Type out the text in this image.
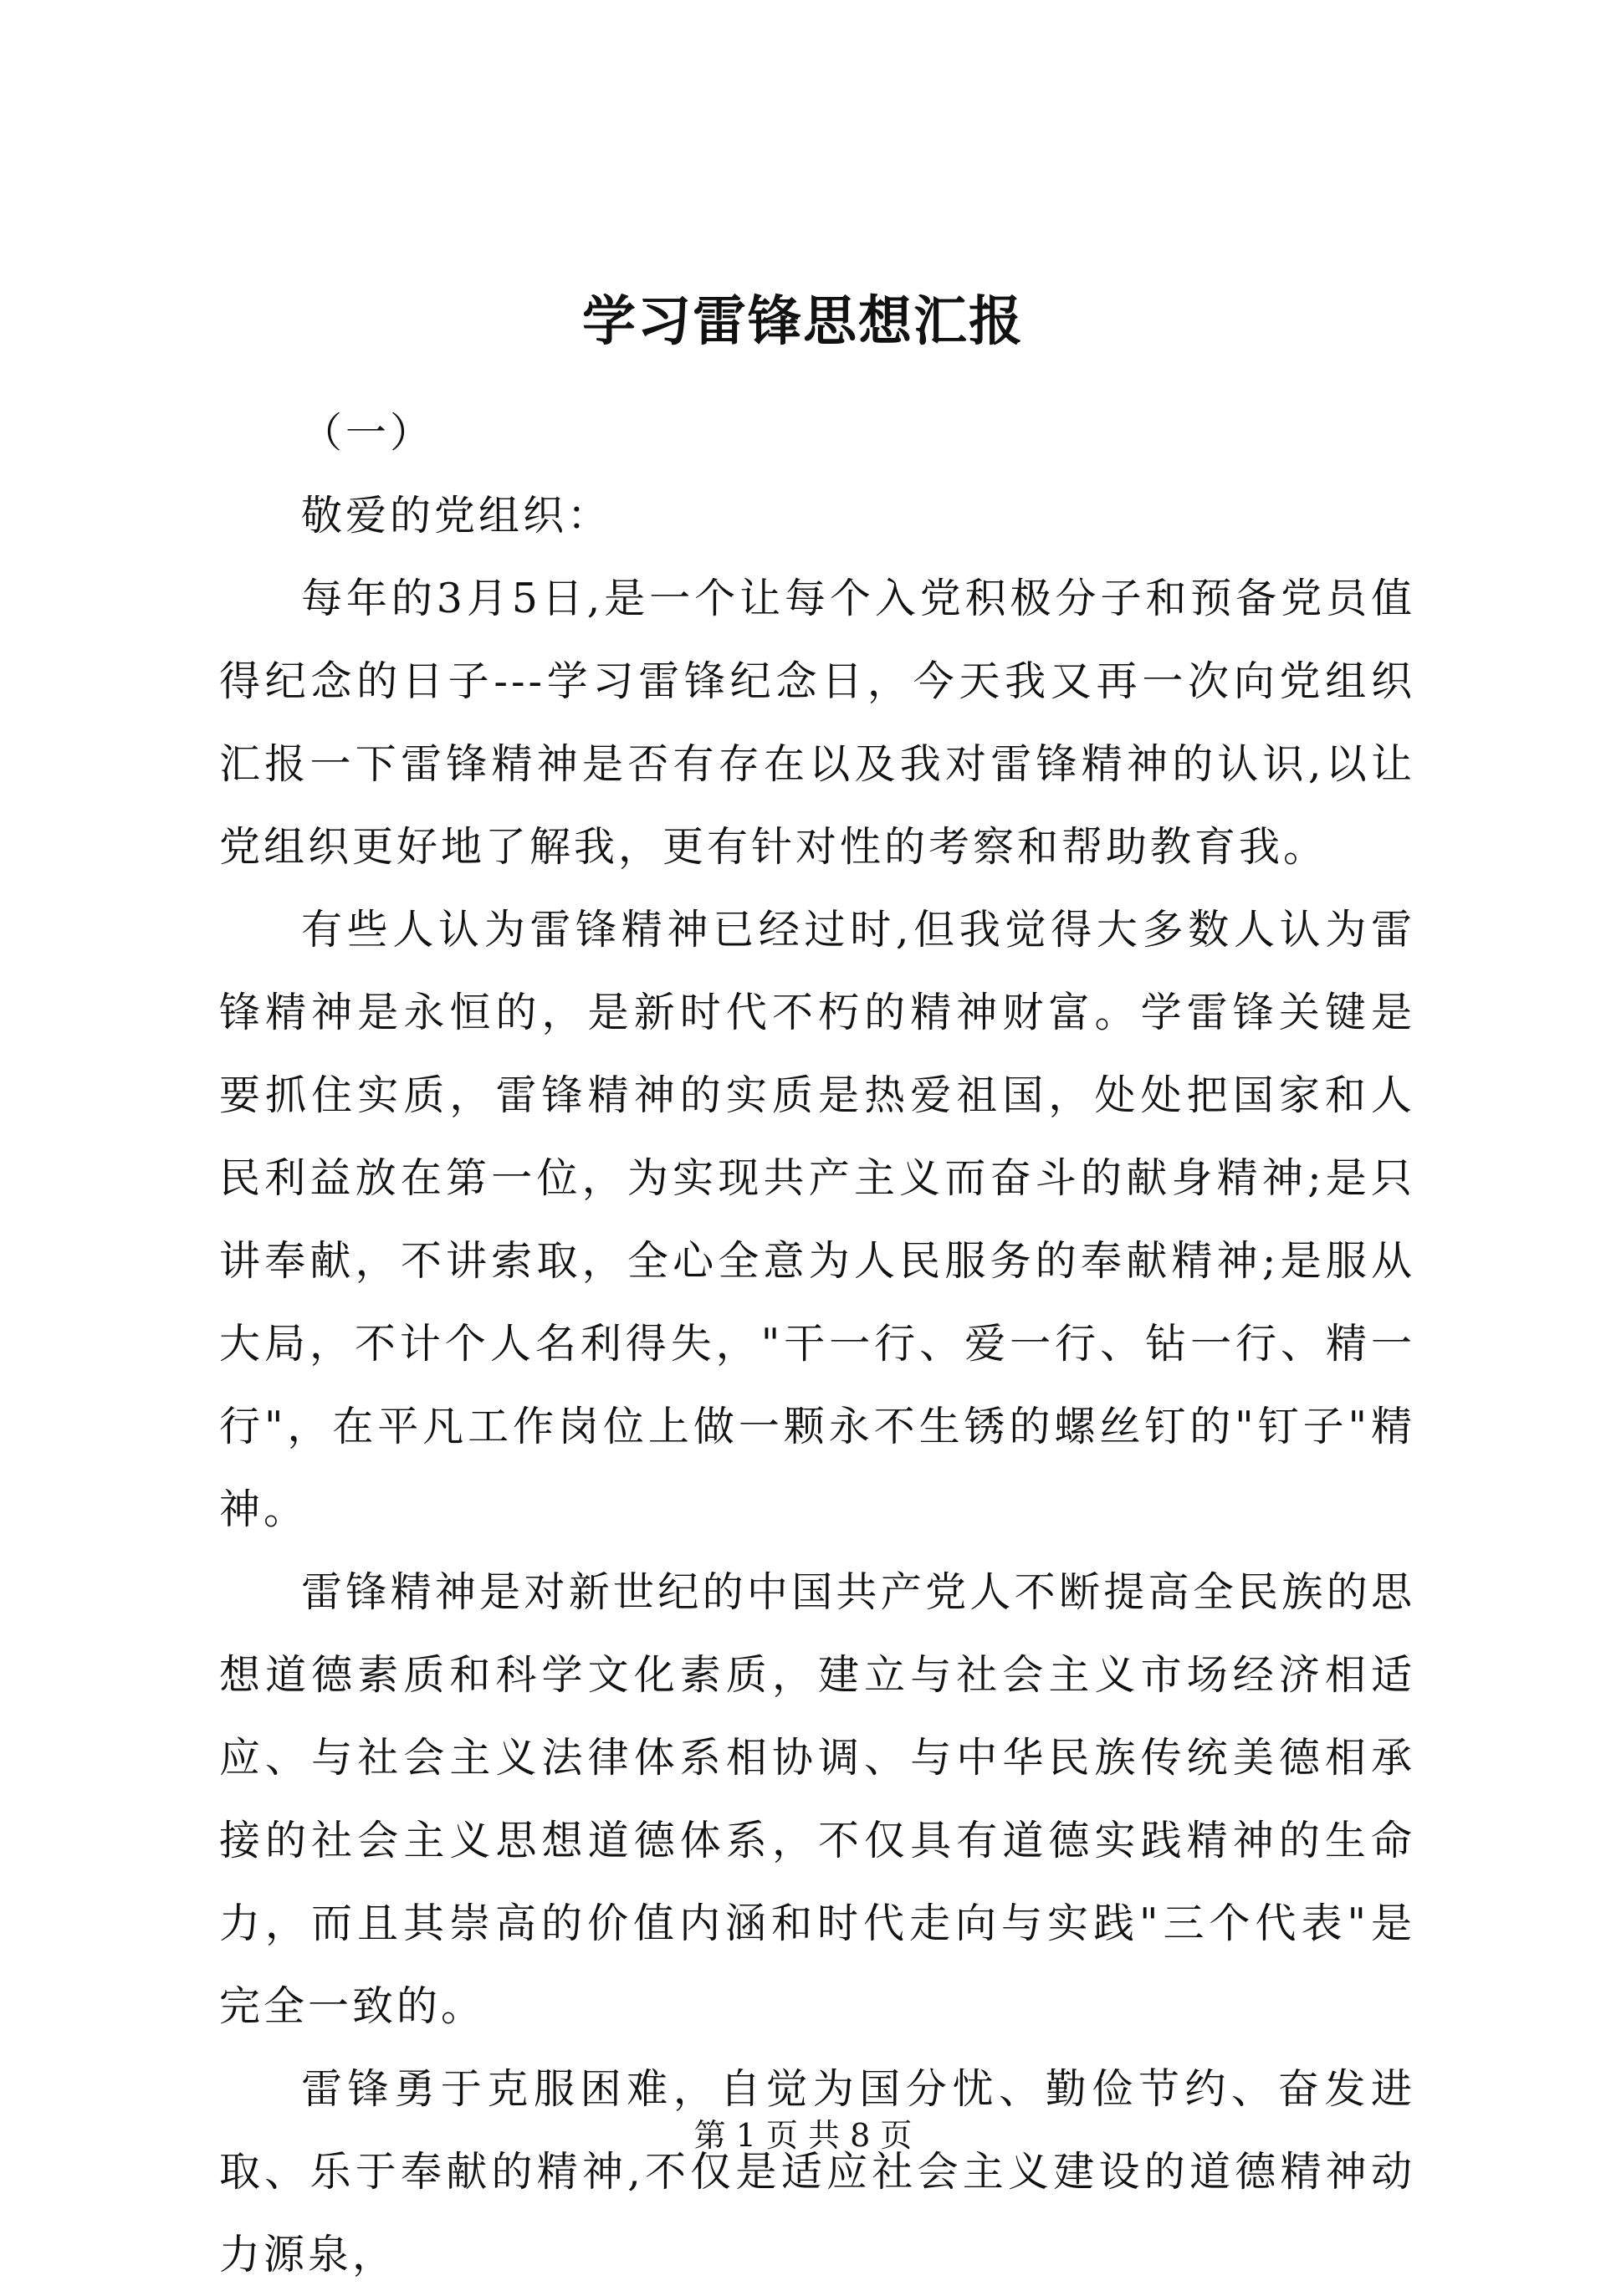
学习雷锋思想汇报

（一）

敬爱的党组织：

每年的3月5日,是一个让每个入党积极分子和预备党员值得纪念的日子---学习雷锋纪念日，今天我又再一次向党组织汇报一下雷锋精神是否有存在以及我对雷锋精神的认识,以让党组织更好地了解我，更有针对性的考察和帮助教育我。

有些人认为雷锋精神已经过时,但我觉得大多数人认为雷锋精神是永恒的，是新时代不朽的精神财富。学雷锋关键是要抓住实质，雷锋精神的实质是热爱祖国，处处把国家和人民利益放在第一位，为实现共产主义而奋斗的献身精神;是只讲奉献，不讲索取，全心全意为人民服务的奉献精神;是服从大局，不计个人名利得失，"干一行、爱一行、钻一行、精一行"，在平凡工作岗位上做一颗永不生锈的螺丝钉的"钉子"精神。

雷锋精神是对新世纪的中国共产党人不断提高全民族的思想道德素质和科学文化素质，建立与社会主义市场经济相适应、与社会主义法律体系相协调、与中华民族传统美德相承接的社会主义思想道德体系，不仅具有道德实践精神的生命力，而且其崇高的价值内涵和时代走向与实践"三个代表"是完全一致的。

雷锋勇于克服困难，自觉为国分忧、勤俭节约、奋发进取、乐于奉献的精神,不仅是适应社会主义建设的道德精神动力源泉，

第 1 页 共 8 页
